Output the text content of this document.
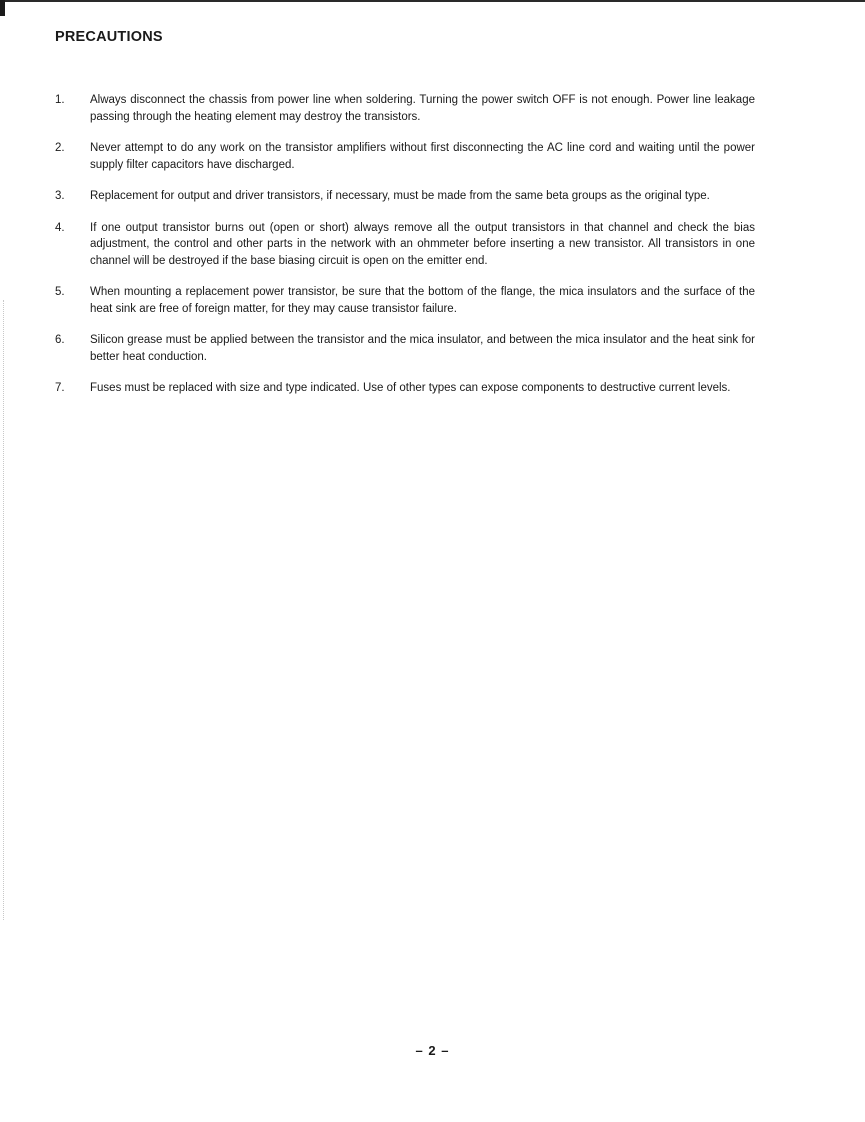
PRECAUTIONS
1.	Always disconnect the chassis from power line when soldering. Turning the power switch OFF is not enough. Power line leakage passing through the heating element may destroy the transistors.

2.	Never attempt to do any work on the transistor amplifiers without first disconnecting the AC line cord and waiting until the power supply filter capacitors have discharged.

3.	Replacement for output and driver transistors, if necessary, must be made from the same beta groups as the original type.

4.	If one output transistor burns out (open or short) always remove all the output transistors in that channel and check the bias adjustment, the control and other parts in the network with an ohmmeter before inserting a new transistor. All transistors in one channel will be destroyed if the base biasing circuit is open on the emitter end.

5.	When mounting a replacement power transistor, be sure that the bottom of the flange, the mica insulators and the surface of the heat sink are free of foreign matter, for they may cause transistor failure.

6.	Silicon grease must be applied between the transistor and the mica insulator, and between the mica insulator and the heat sink for better heat conduction.

7.	Fuses must be replaced with size and type indicated. Use of other types can expose components to destructive current levels.

– 2 –
